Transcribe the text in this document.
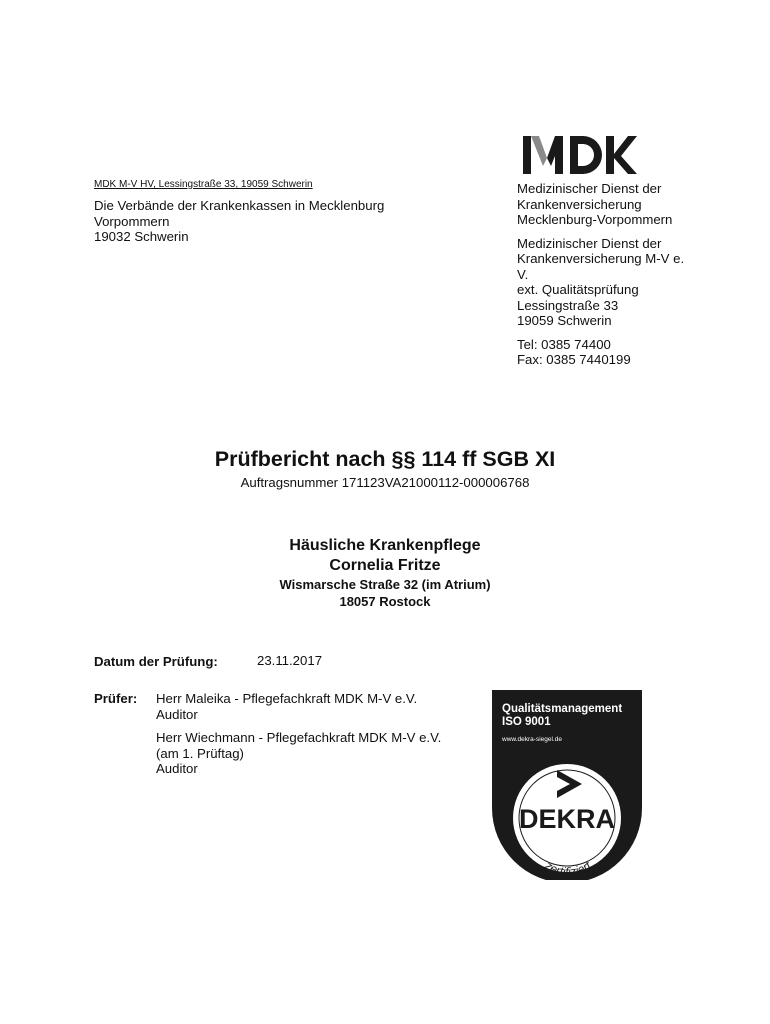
MDK M-V HV, Lessingstraße 33, 19059 Schwerin
Die Verbände der Krankenkassen in Mecklenburg
Vorpommern
19032 Schwerin
MDK
Medizinischer Dienst der
Krankenversicherung
Mecklenburg-Vorpommern
Medizinischer Dienst der
Krankenversicherung M-V e.
V.
ext. Qualitätsprüfung
Lessingstraße 33
19059 Schwerin
Tel: 0385 74400
Fax: 0385 7440199
Prüfbericht nach §§ 114 ff SGB XI
Auftragsnummer 171123VA21000112-000006768
Häusliche Krankenpflege
Cornelia Fritze
Wismarsche Straße 32 (im Atrium)
18057 Rostock
Datum der Prüfung:	23.11.2017
Prüfer: Herr Maleika - Pflegefachkraft MDK M-V e.V.
Auditor
Herr Wiechmann - Pflegefachkraft MDK M-V e.V.
(am 1. Prüftag)
Auditor
Qualitätsmanagement
ISO 9001
www.dekra-siegel.de
DEKRA
zertifiziert
